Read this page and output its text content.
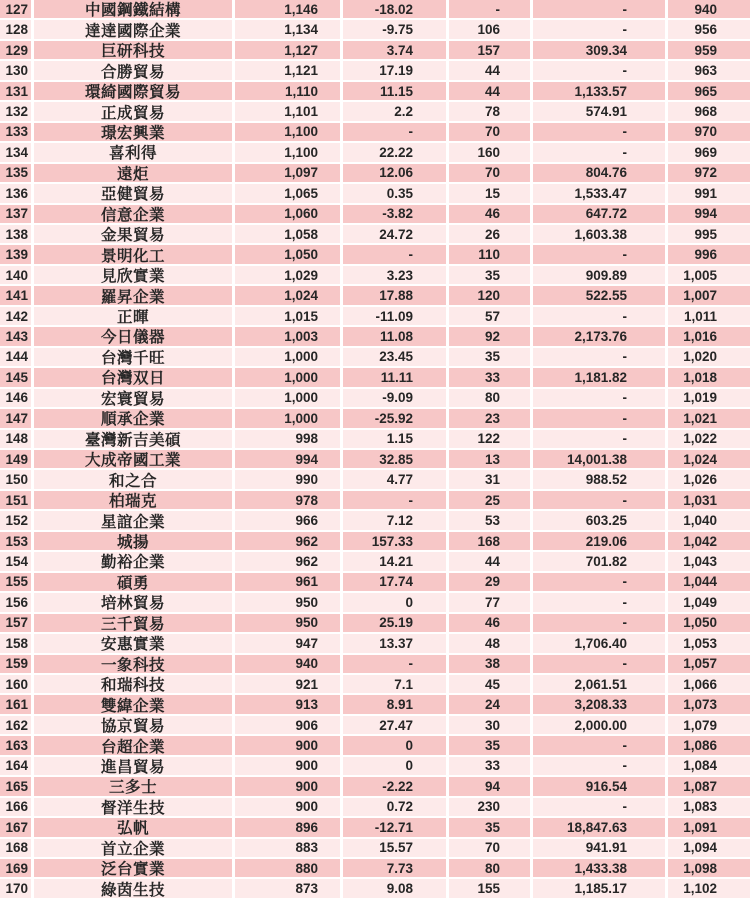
127	中國鋼鐵結構	1,146	-18.02	-	-	940
128	達達國際企業	1,134	-9.75	106	-	956
129	巨研科技	1,127	3.74	157	309.34	959
130	合勝貿易	1,121	17.19	44	-	963
131	環綺國際貿易	1,110	11.15	44	1,133.57	965
132	正成貿易	1,101	2.2	78	574.91	968
133	璟宏興業	1,100	-	70	-	970
134	喜利得	1,100	22.22	160	-	969
135	遠炬	1,097	12.06	70	804.76	972
136	亞健貿易	1,065	0.35	15	1,533.47	991
137	信意企業	1,060	-3.82	46	647.72	994
138	金果貿易	1,058	24.72	26	1,603.38	995
139	景明化工	1,050	-	110	-	996
140	見欣實業	1,029	3.23	35	909.89	1,005
141	羅昇企業	1,024	17.88	120	522.55	1,007
142	正暉	1,015	-11.09	57	-	1,011
143	今日儀器	1,003	11.08	92	2,173.76	1,016
144	台灣千旺	1,000	23.45	35	-	1,020
145	台灣双日	1,000	11.11	33	1,181.82	1,018
146	宏寰貿易	1,000	-9.09	80	-	1,019
147	順承企業	1,000	-25.92	23	-	1,021
148	臺灣新吉美碩	998	1.15	122	-	1,022
149	大成帝國工業	994	32.85	13	14,001.38	1,024
150	和之合	990	4.77	31	988.52	1,026
151	柏瑞克	978	-	25	-	1,031
152	星誼企業	966	7.12	53	603.25	1,040
153	城揚	962	157.33	168	219.06	1,042
154	勤裕企業	962	14.21	44	701.82	1,043
155	碩勇	961	17.74	29	-	1,044
156	培林貿易	950	0	77	-	1,049
157	三千貿易	950	25.19	46	-	1,050
158	安惠實業	947	13.37	48	1,706.40	1,053
159	一象科技	940	-	38	-	1,057
160	和瑞科技	921	7.1	45	2,061.51	1,066
161	雙緯企業	913	8.91	24	3,208.33	1,073
162	協京貿易	906	27.47	30	2,000.00	1,079
163	台超企業	900	0	35	-	1,086
164	進昌貿易	900	0	33	-	1,084
165	三多士	900	-2.22	94	916.54	1,087
166	督洋生技	900	0.72	230	-	1,083
167	弘帆	896	-12.71	35	18,847.63	1,091
168	首立企業	883	15.57	70	941.91	1,094
169	泛台實業	880	7.73	80	1,433.38	1,098
170	綠茵生技	873	9.08	155	1,185.17	1,102
